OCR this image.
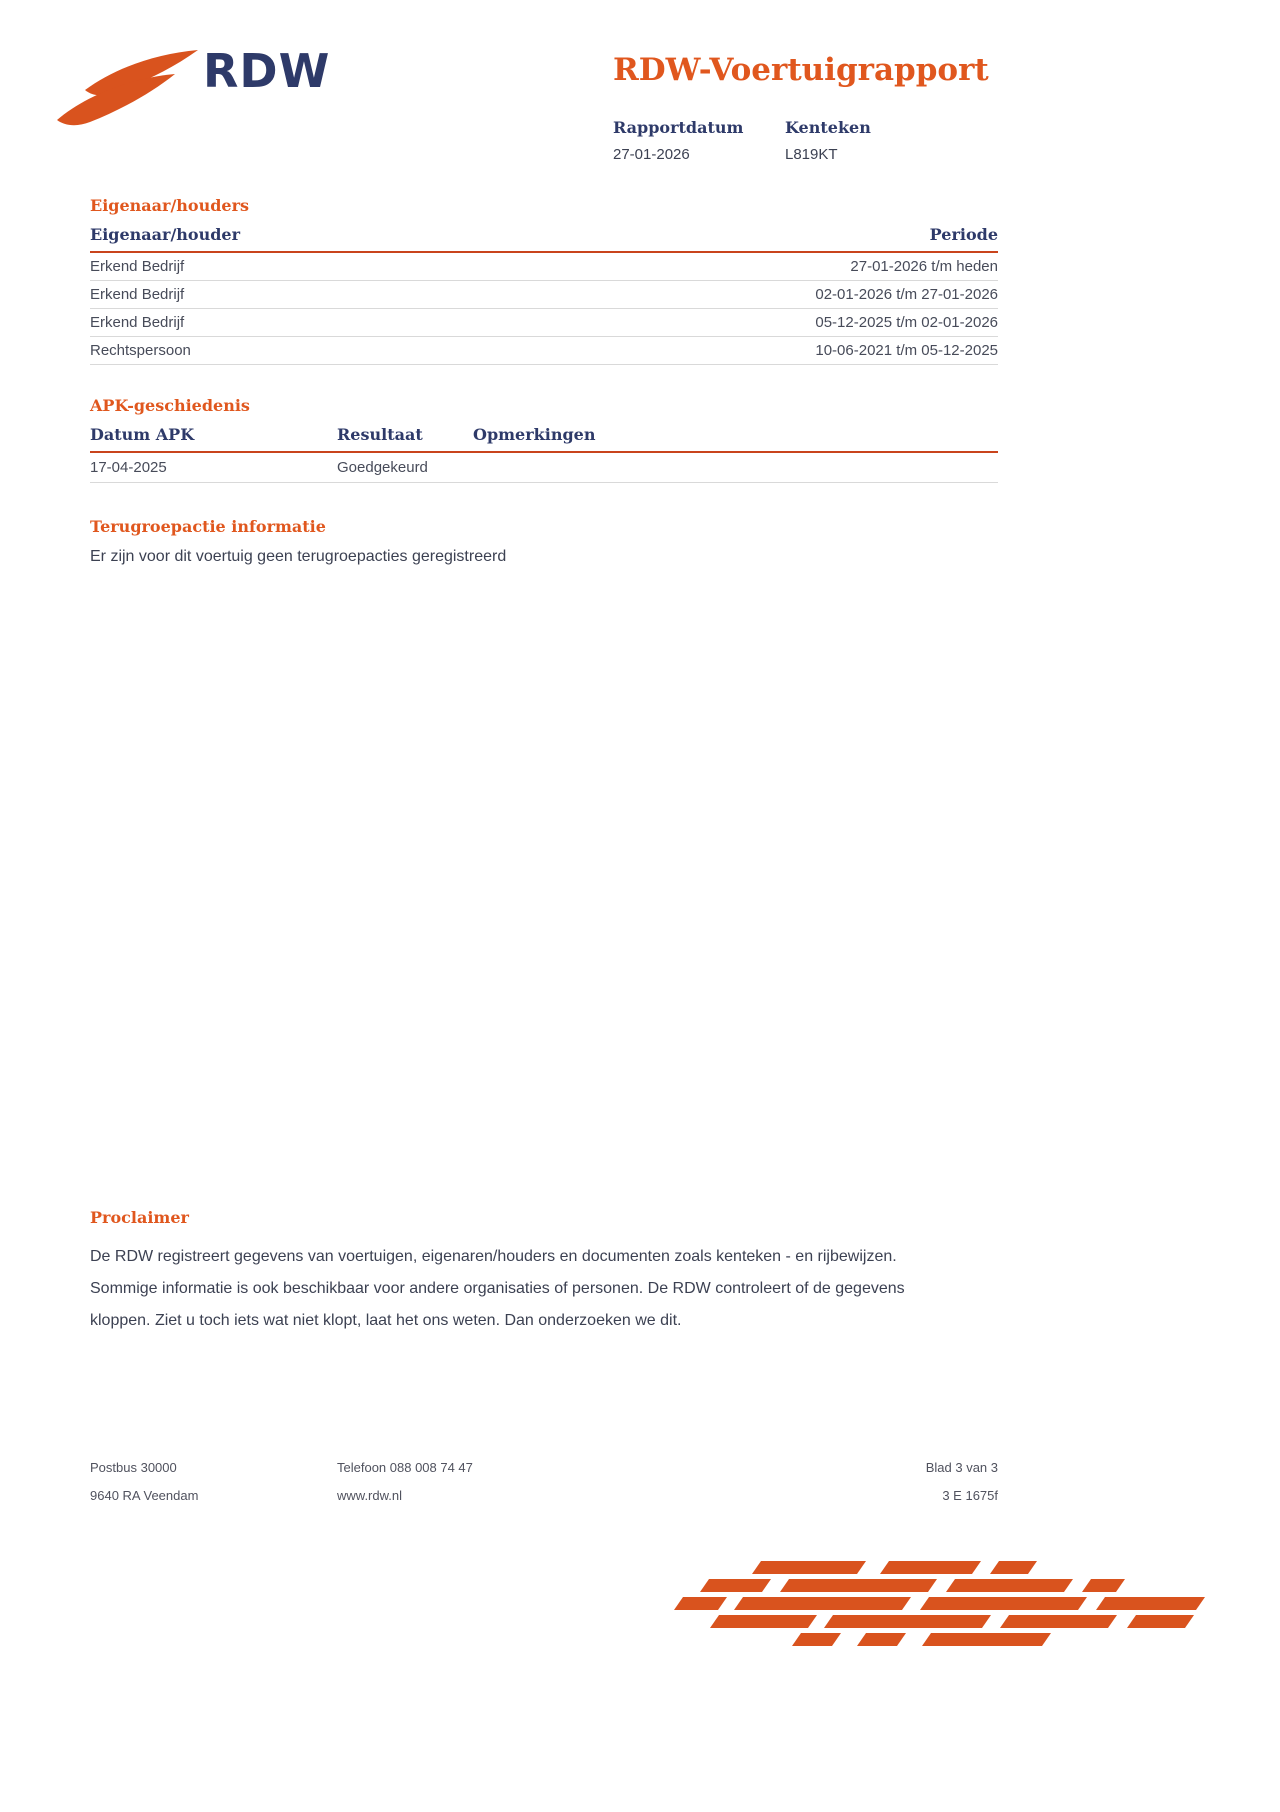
RDW	RDW-Voertuigrapport
Rapportdatum
27-01-2026
Kenteken
L819KT
Eigenaar/houders
Eigenaar/houder	Periode
Erkend Bedrijf	27-01-2026 t/m heden
Erkend Bedrijf	02-01-2026 t/m 27-01-2026
Erkend Bedrijf	05-12-2025 t/m 02-01-2026
Rechtspersoon	10-06-2021 t/m 05-12-2025
APK-geschiedenis
Datum APK	Resultaat	Opmerkingen
17-04-2025	Goedgekeurd
Terugroepactie informatie

Er zijn voor dit voertuig geen terugroepacties geregistreerd

Proclaimer

De RDW registreert gegevens van voertuigen, eigenaren/houders en documenten zoals kenteken - en rijbewijzen. Sommige informatie is ook beschikbaar voor andere organisaties of personen. De RDW controleert of de gegevens kloppen. Ziet u toch iets wat niet klopt, laat het ons weten. Dan onderzoeken we dit.

Postbus 30000
9640 RA Veendam
Telefoon 088 008 74 47
www.rdw.nl
Blad 3 van 3
3 E 1675f
